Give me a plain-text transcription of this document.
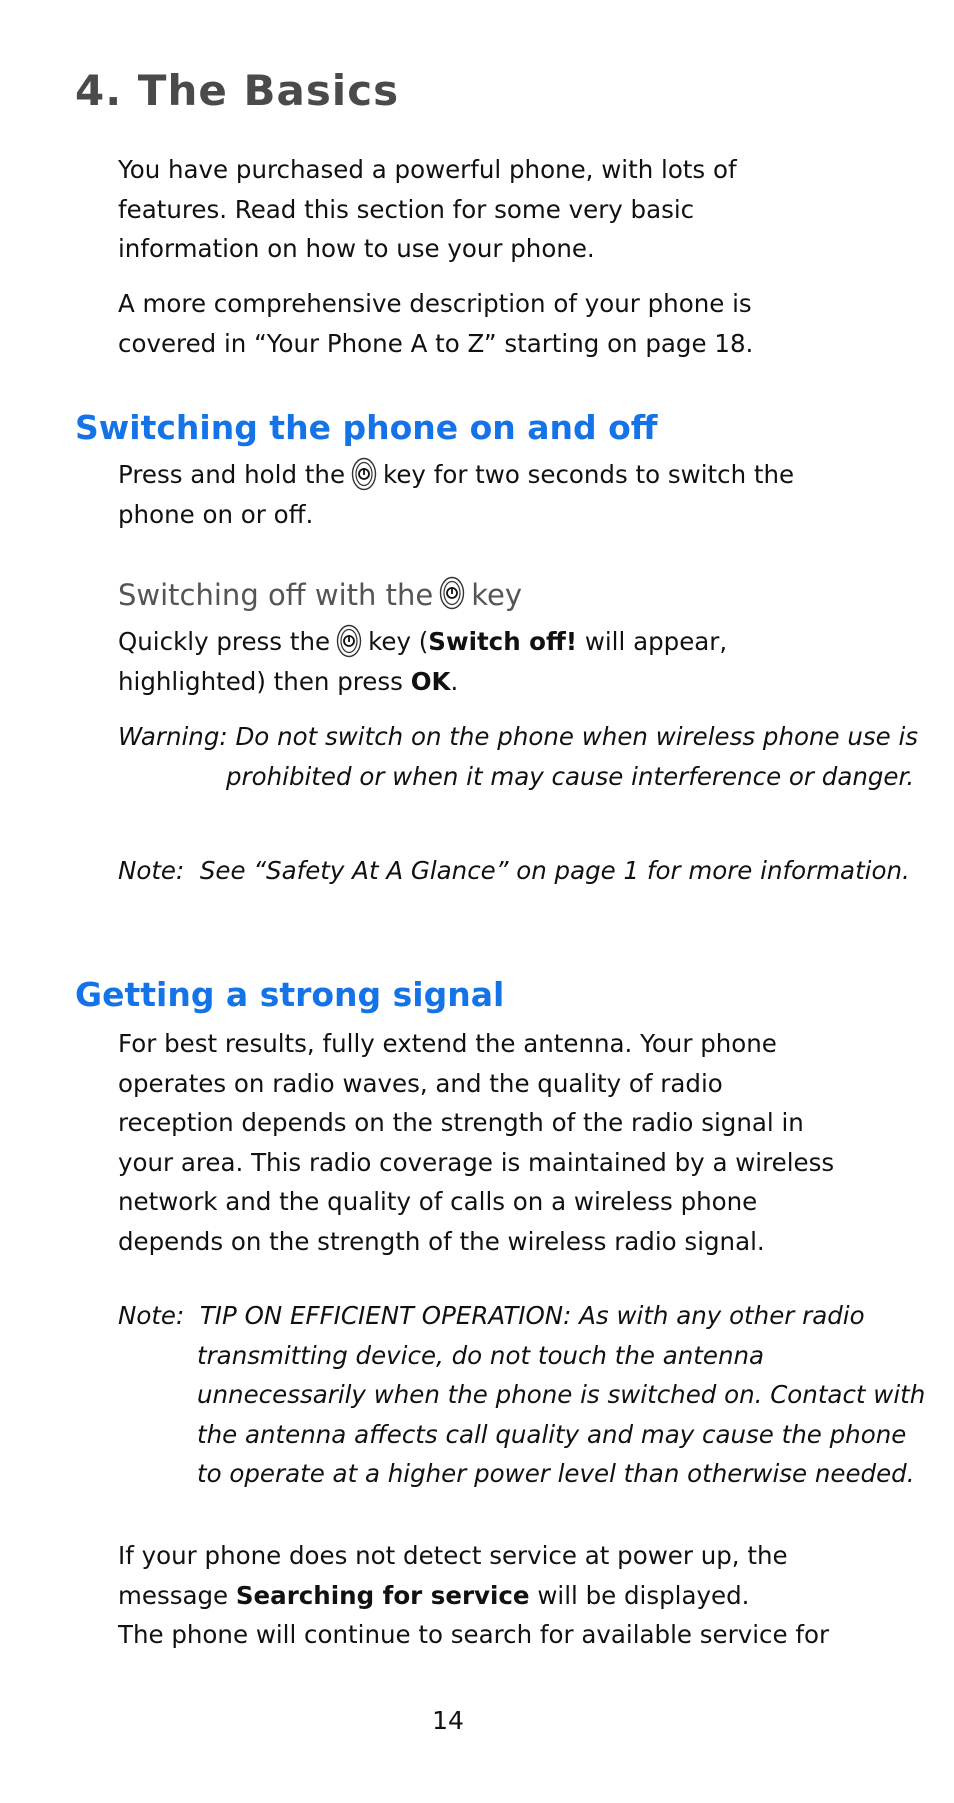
4. The Basics

You have purchased a powerful phone, with lots of features. Read this section for some very basic information on how to use your phone.

A more comprehensive description of your phone is covered in “Your Phone A to Z” starting on page 18.

Switching the phone on and off

Press and hold the key for two seconds to switch the phone on or off.

Switching off with the key

Quickly press the key (Switch off! will appear, highlighted) then press OK.

Warning: Do not switch on the phone when wireless phone use is prohibited or when it may cause interference or danger.

Note: See “Safety At A Glance” on page 1 for more information.

Getting a strong signal

For best results, fully extend the antenna. Your phone operates on radio waves, and the quality of radio reception depends on the strength of the radio signal in your area. This radio coverage is maintained by a wireless network and the quality of calls on a wireless phone depends on the strength of the wireless radio signal.

Note: TIP ON EFFICIENT OPERATION: As with any other radio transmitting device, do not touch the antenna unnecessarily when the phone is switched on. Contact with the antenna affects call quality and may cause the phone to operate at a higher power level than otherwise needed.

If your phone does not detect service at power up, the message Searching for service will be displayed.

The phone will continue to search for available service for

14
